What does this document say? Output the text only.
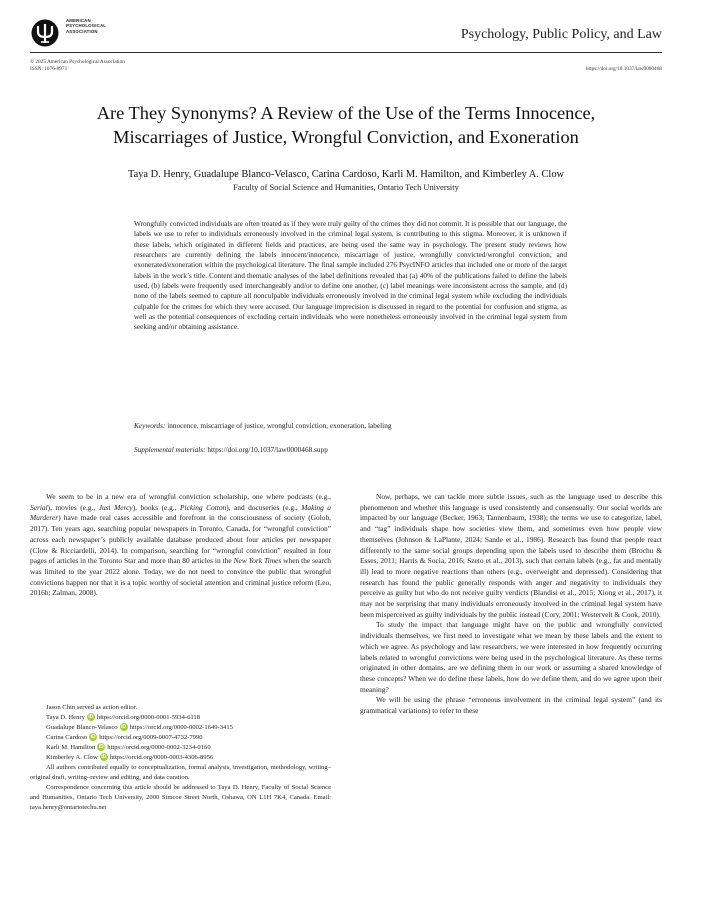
AMERICAN
PSYCHOLOGICAL
ASSOCIATION	Psychology, Public Policy, and Law
© 2025 American Psychological Association
ISSN: 1076-8971	https://doi.org/10.1037/law0000468
Are They Synonyms? A Review of the Use of the Terms Innocence,
Miscarriages of Justice, Wrongful Conviction, and Exoneration
Taya D. Henry, Guadalupe Blanco-Velasco, Carina Cardoso, Karli M. Hamilton, and Kimberley A. Clow
Faculty of Social Science and Humanities, Ontario Tech University
Wrongfully convicted individuals are often treated as if they were truly guilty of the crimes they did not commit. It is possible that our language, the labels we use to refer to individuals erroneously involved in the criminal legal system, is contributing to this stigma. Moreover, it is unknown if these labels, which originated in different fields and practices, are being used the same way in psychology. The present study reviews how researchers are currently defining the labels innocent/innocence, miscarriage of justice, wrongfully convicted/wrongful conviction, and exonerated/exoneration within the psychological literature. The final sample included 276 PsycINFO articles that included one or more of the target labels in the work’s title. Content and thematic analyses of the label definitions revealed that (a) 40% of the publications failed to define the labels used, (b) labels were frequently used interchangeably and/or to define one another, (c) label meanings were inconsistent across the sample, and (d) none of the labels seemed to capture all nonculpable individuals erroneously involved in the criminal legal system while excluding the individuals culpable for the crimes for which they were accused. Our language imprecision is discussed in regard to the potential for confusion and stigma, as well as the potential consequences of excluding certain individuals who were nonetheless erroneously involved in the criminal legal system from seeking and/or obtaining assistance.
Keywords: innocence, miscarriage of justice, wrongful conviction, exoneration, labeling
Supplemental materials: https://doi.org/10.1037/law0000468.supp

We seem to be in a new era of wrongful conviction scholarship, one where podcasts (e.g., Serial), movies (e.g., Just Mercy), books (e.g., Picking Cotton), and docuseries (e.g., Making a Murderer) have made real cases accessible and forefront in the consciousness of society (Golob, 2017). Ten years ago, searching popular newspapers in Toronto, Canada, for “wrongful conviction” across each newspaper’s publicly available database produced about four articles per newspaper (Clow & Ricciardelli, 2014). In comparison, searching for “wrongful conviction” resulted in four pages of articles in the Toronto Star and more than 80 articles in the New York Times when the search was limited to the year 2022 alone. Today, we do not need to convince the public that wrongful convictions happen nor that it is a topic worthy of societal attention and criminal justice reform (Leo, 2016b; Zalman, 2008).

Jason Chin served as action editor.

Taya D. Henry iD https://orcid.org/0000-0001-5934-6118

Guadalupe Blanco-Velasco iD https://orcid.org/0000-0002-1649-3415

Carina Cardoso iD https://orcid.org/0009-0007-4732-7990

Karli M. Hamilton iD https://orcid.org/0000-0002-3234-0160

Kimberley A. Clow iD https://orcid.org/0000-0003-4306-8956

All authors contributed equally to conceptualization, formal analysis, investigation, methodology, writing–original draft, writing–review and editing, and data curation.

Correspondence concerning this article should be addressed to Taya D. Henry, Faculty of Social Science and Humanities, Ontario Tech University, 2000 Simcoe Street North, Oshawa, ON L1H 7K4, Canada. Email: taya.henry@ontariotechu.net

Now, perhaps, we can tackle more subtle issues, such as the language used to describe this phenomenon and whether this language is used consistently and consensually. Our social worlds are impacted by our language (Becker, 1963; Tannenbaum, 1938); the terms we use to categorize, label, and “tag” individuals shape how societies view them, and sometimes even how people view themselves (Johnson & LaPlante, 2024; Sande et al., 1986). Research has found that people react differently to the same social groups depending upon the labels used to describe them (Brochu & Esses, 2011; Harris & Socia, 2016; Szeto et al., 2013), such that certain labels (e.g., fat and mentally ill) lead to more negative reactions than others (e.g., overweight and depressed). Considering that research has found the public generally responds with anger and negativity to individuals they perceive as guilty but who do not receive guilty verdicts (Blandisi et al., 2015; Xiong et al., 2017), it may not be surprising that many individuals erroneously involved in the criminal legal system have been misperceived as guilty individuals by the public instead (Cory, 2001; Westervelt & Cook, 2010).

To study the impact that language might have on the public and wrongfully convicted individuals themselves, we first need to investigate what we mean by these labels and the extent to which we agree. As psychology and law researchers, we were interested in how frequently occurring labels related to wrongful convictions were being used in the psychological literature. As these terms originated in other domains, are we defining them in our work or assuming a shared knowledge of these concepts? When we do define these labels, how do we define them, and do we agree upon their meaning?

We will be using the phrase “erroneous involvement in the criminal legal system” (and its grammatical variations) to refer to these
